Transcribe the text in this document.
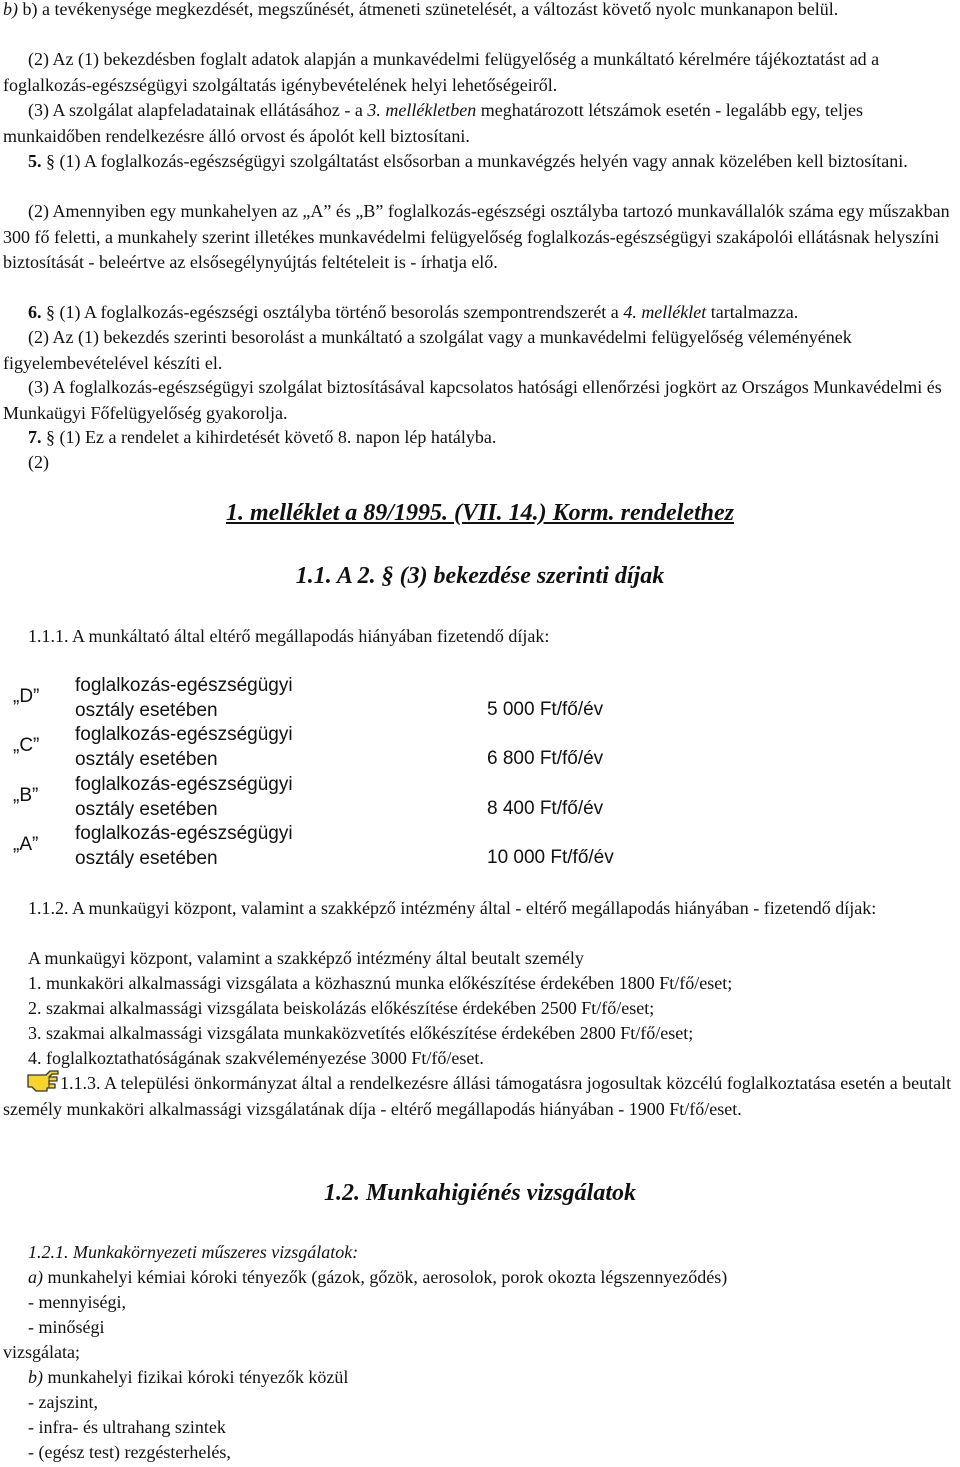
b) b) a tevékenysége megkezdését, megszűnését, átmeneti szünetelését, a változást követő nyolc munkanapon belül.

(2) Az (1) bekezdésben foglalt adatok alapján a munkavédelmi felügyelőség a munkáltató kérelmére tájékoztatást ad a foglalkozás-egészségügyi szolgáltatás igénybevételének helyi lehetőségeiről.

(3) A szolgálat alapfeladatainak ellátásához - a 3. mellékletben meghatározott létszámok esetén - legalább egy, teljes munkaidőben rendelkezésre álló orvost és ápolót kell biztosítani.

5. § (1) A foglalkozás-egészségügyi szolgáltatást elsősorban a munkavégzés helyén vagy annak közelében kell biztosítani.

(2) Amennyiben egy munkahelyen az „A” és „B” foglalkozás-egészségi osztályba tartozó munkavállalók száma egy műszakban 300 fő feletti, a munkahely szerint illetékes munkavédelmi felügyelőség foglalkozás-egészségügyi szakápolói ellátásnak helyszíni biztosítását - beleértve az elsősegélynyújtás feltételeit is - írhatja elő.

6. § (1) A foglalkozás-egészségi osztályba történő besorolás szempontrendszerét a 4. melléklet tartalmazza.

(2) Az (1) bekezdés szerinti besorolást a munkáltató a szolgálat vagy a munkavédelmi felügyelőség véleményének figyelembevételével készíti el.

(3) A foglalkozás-egészségügyi szolgálat biztosításával kapcsolatos hatósági ellenőrzési jogkört az Országos Munkavédelmi és Munkaügyi Főfelügyelőség gyakorolja.

7. § (1) Ez a rendelet a kihirdetését követő 8. napon lép hatályba.

(2)

1. melléklet a 89/1995. (VII. 14.) Korm. rendelethez
1.1. A 2. § (3) bekezdése szerinti díjak

1.1.1. A munkáltató által eltérő megállapodás hiányában fizetendő díjak:

„D”
foglalkozás-egészségügyi
osztály esetében	5 000 Ft/fő/év
„C”
foglalkozás-egészségügyi
osztály esetében	6 800 Ft/fő/év
„B”
foglalkozás-egészségügyi
osztály esetében	8 400 Ft/fő/év
„A”
foglalkozás-egészségügyi
osztály esetében	10 000 Ft/fő/év

1.1.2. A munkaügyi központ, valamint a szakképző intézmény által - eltérő megállapodás hiányában - fizetendő díjak:

A munkaügyi központ, valamint a szakképző intézmény által beutalt személy

1. munkaköri alkalmassági vizsgálata a közhasznú munka előkészítése érdekében 1800 Ft/fő/eset;

2. szakmai alkalmassági vizsgálata beiskolázás előkészítése érdekében 2500 Ft/fő/eset;

3. szakmai alkalmassági vizsgálata munkaközvetítés előkészítése érdekében 2800 Ft/fő/eset;

4. foglalkoztathatóságának szakvéleményezése 3000 Ft/fő/eset.

1.1.3. A települési önkormányzat által a rendelkezésre állási támogatásra jogosultak közcélú foglalkoztatása esetén a beutalt személy munkaköri alkalmassági vizsgálatának díja - eltérő megállapodás hiányában - 1900 Ft/fő/eset.

1.2. Munkahigiénés vizsgálatok

1.2.1. Munkakörnyezeti műszeres vizsgálatok:

a) munkahelyi kémiai kóroki tényezők (gázok, gőzök, aerosolok, porok okozta légszennyeződés)

- mennyiségi,

- minőségi

vizsgálata;

b) munkahelyi fizikai kóroki tényezők közül

- zajszint,

- infra- és ultrahang szintek

- (egész test) rezgésterhelés,
